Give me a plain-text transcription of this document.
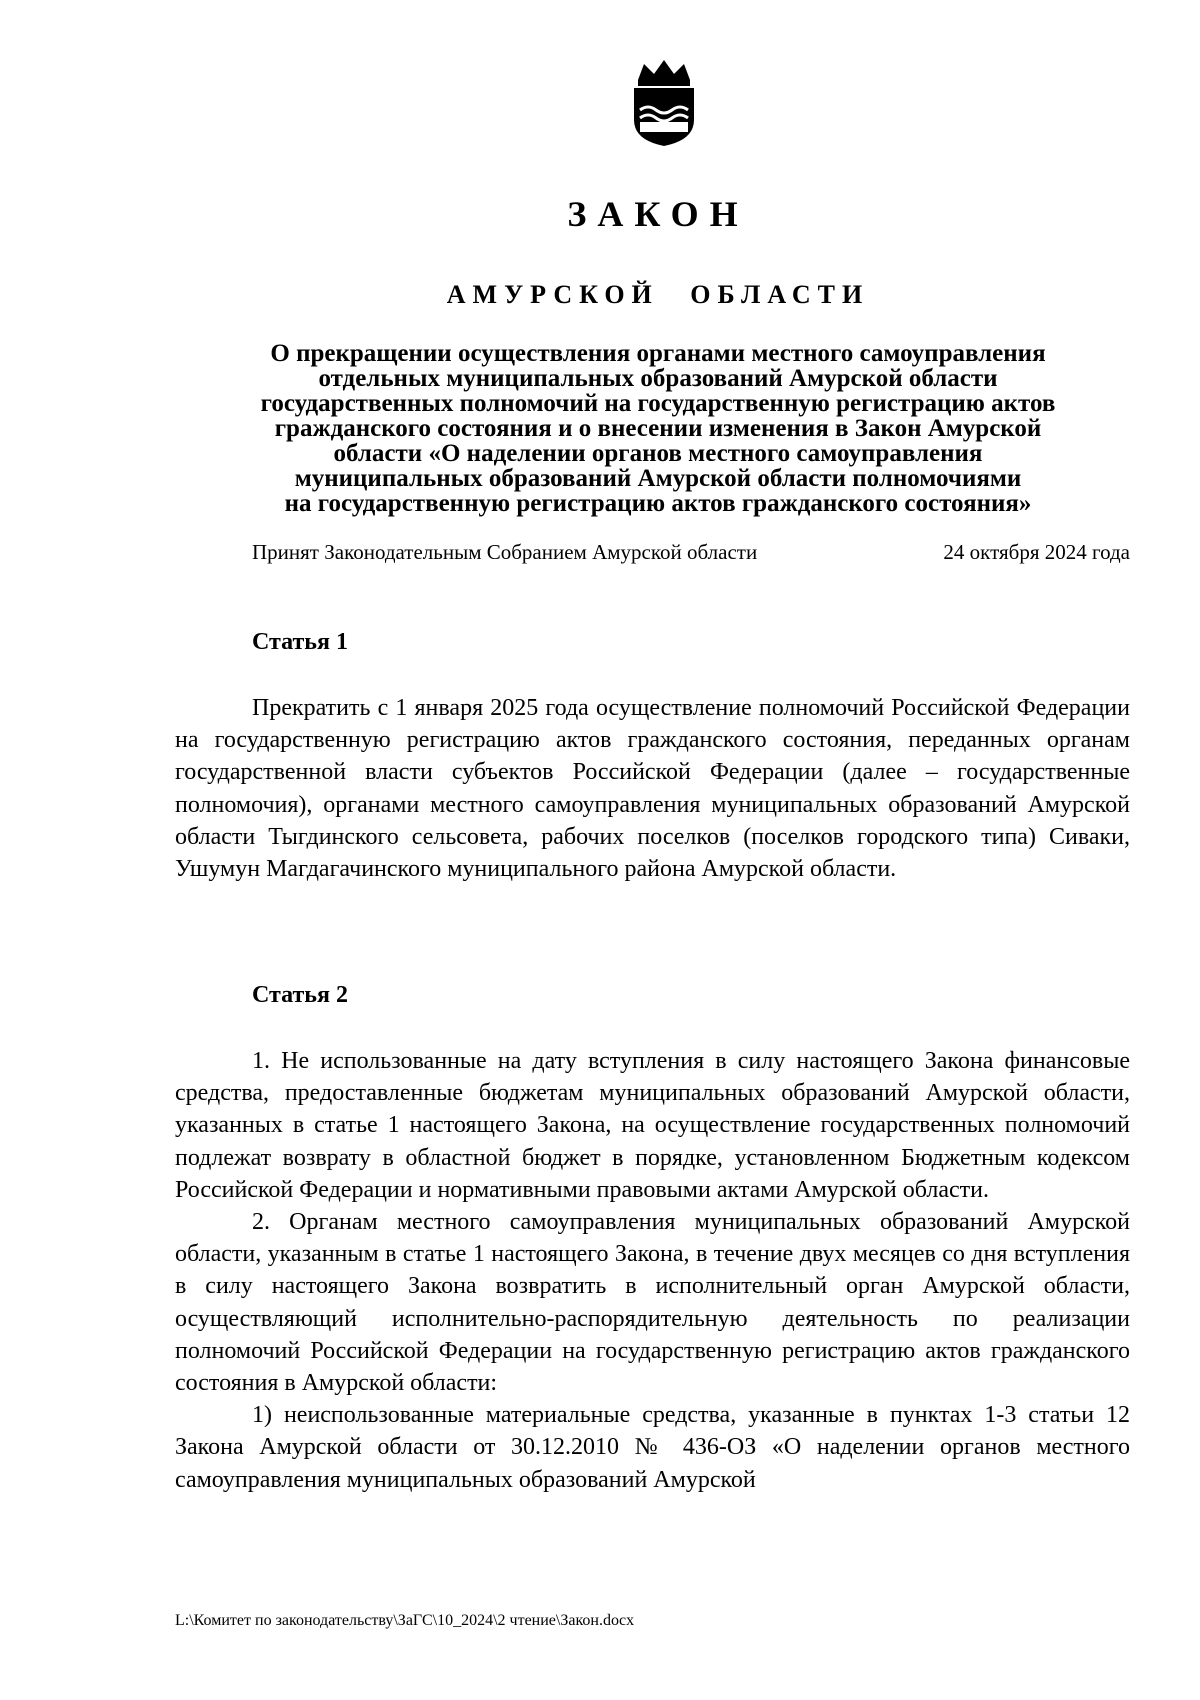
ЗАКОН
АМУРСКОЙ ОБЛАСТИ
О прекращении осуществления органами местного самоуправления
отдельных муниципальных образований Амурской области
государственных полномочий на государственную регистрацию актов
гражданского состояния и о внесении изменения в Закон Амурской
области «О наделении органов местного самоуправления
муниципальных образований Амурской области полномочиями
на государственную регистрацию актов гражданского состояния»
Принят Законодательным Собранием Амурской области	24 октября 2024 года
Статья 1

Прекратить с 1 января 2025 года осуществление полномочий Российской Федерации на государственную регистрацию актов гражданского состояния, переданных органам государственной власти субъектов Российской Федерации (далее – государственные полномочия), органами местного самоуправления муниципальных образований Амурской области Тыгдинского сельсовета, рабочих поселков (поселков городского типа) Сиваки, Ушумун Магдагачинского муниципального района Амурской области.

Статья 2

1. Не использованные на дату вступления в силу настоящего Закона финансовые средства, предоставленные бюджетам муниципальных образований Амурской области, указанных в статье 1 настоящего Закона, на осуществление государственных полномочий подлежат возврату в областной бюджет в порядке, установленном Бюджетным кодексом Российской Федерации и нормативными правовыми актами Амурской области.

2. Органам местного самоуправления муниципальных образований Амурской области, указанным в статье 1 настоящего Закона, в течение двух месяцев со дня вступления в силу настоящего Закона возвратить в исполнительный орган Амурской области, осуществляющий исполнительно-распорядительную деятельность по реализации полномочий Российской Федерации на государственную регистрацию актов гражданского состояния в Амурской области:

1) неиспользованные материальные средства, указанные в пунктах 1-3 статьи 12 Закона Амурской области от 30.12.2010 № 436-ОЗ «О наделении органов местного самоуправления муниципальных образований Амурской

L:\Комитет по законодательству\ЗаГС\10_2024\2 чтение\Закон.docx
